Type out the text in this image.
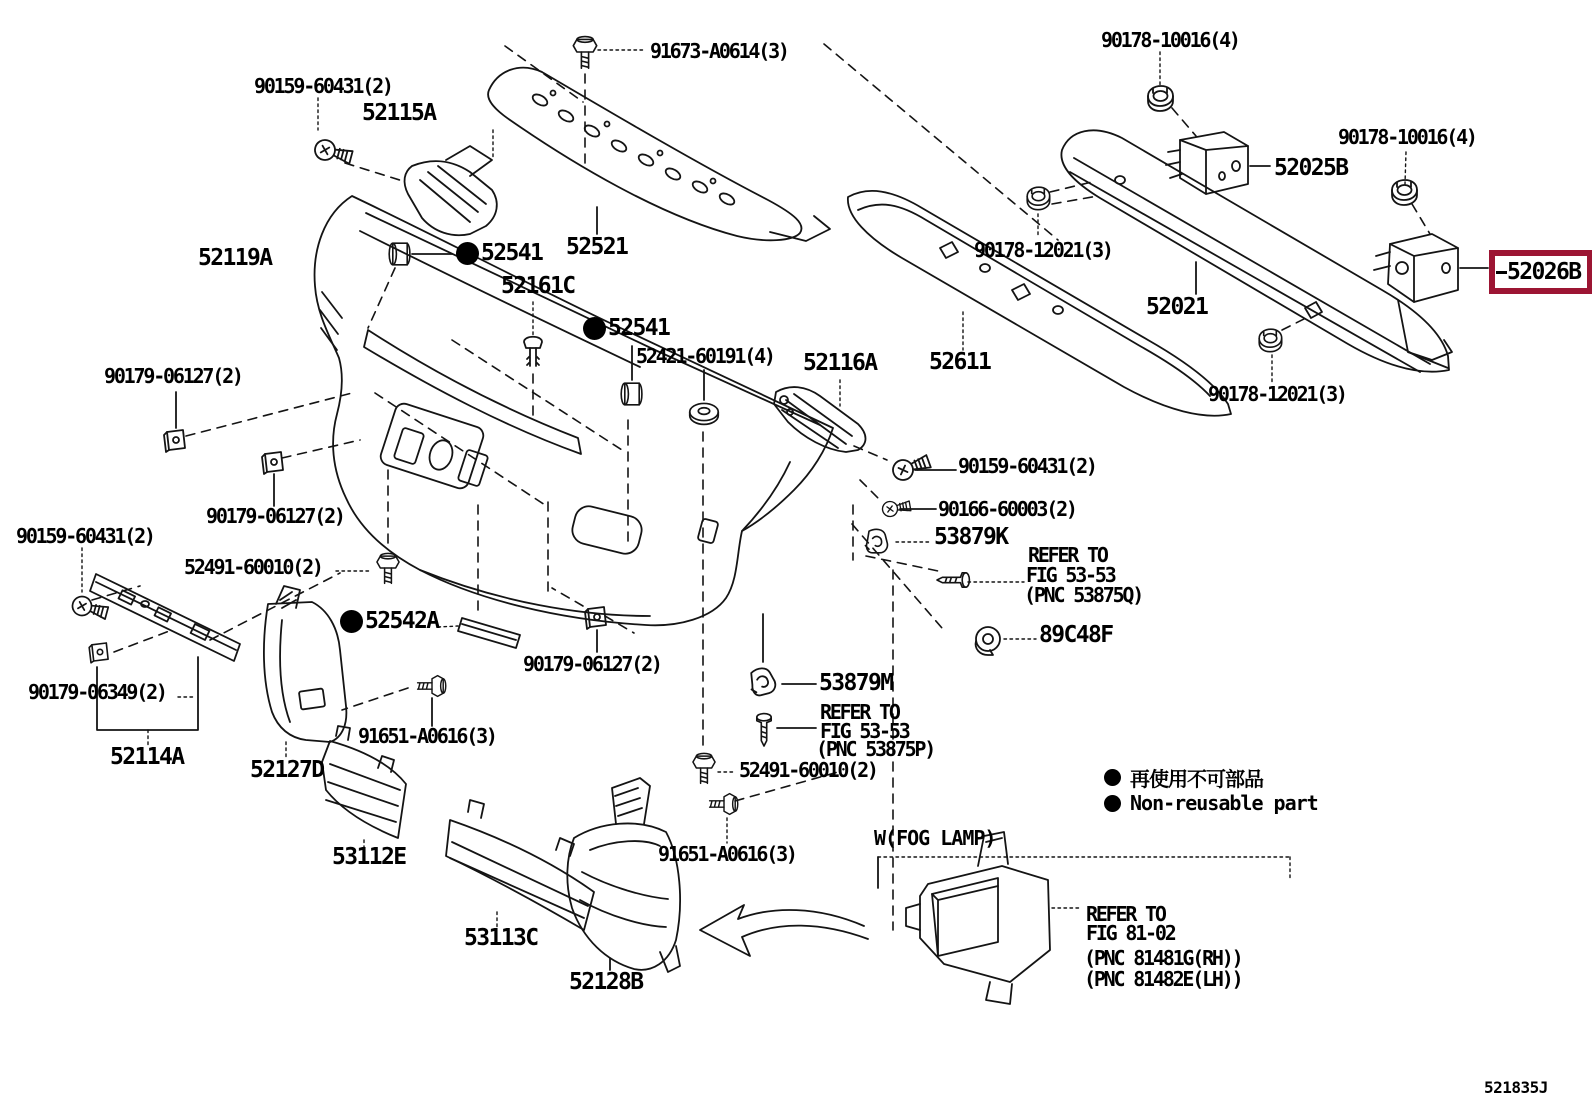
90159-60431(2)
52115A
91673-A0614(3)
52521
90178-10016(4)
52025B
90178-10016(4)
90178-12021(3)
52021
52026B
52119A	52541
52161C
52541
52421-60191(4) 52116A 52611
90178-12021(3)
90179-06127(2)
90159-60431(2)
90166-60003(2)
53879K
REFER TO
FIG 53-53
(PNC 53875Q)
89C48F
90179-06127(2)
90159-60431(2)
52491-60010(2)
52542A
90179-06349(2)
52114A	52127D
90179-06127(2)
91651-A0616(3)
53112E
53879M
REFER TO
FIG 53-53
(PNC 53875P)
52491-60010(2)
53113C
52128B
91651-A0616(3)
W(FOG LAMP)
REFER TO
FIG 81-02
(PNC 81481G(RH))
(PNC 81482E(LH))
再使用不可部品
Non-reusable part
521835J
